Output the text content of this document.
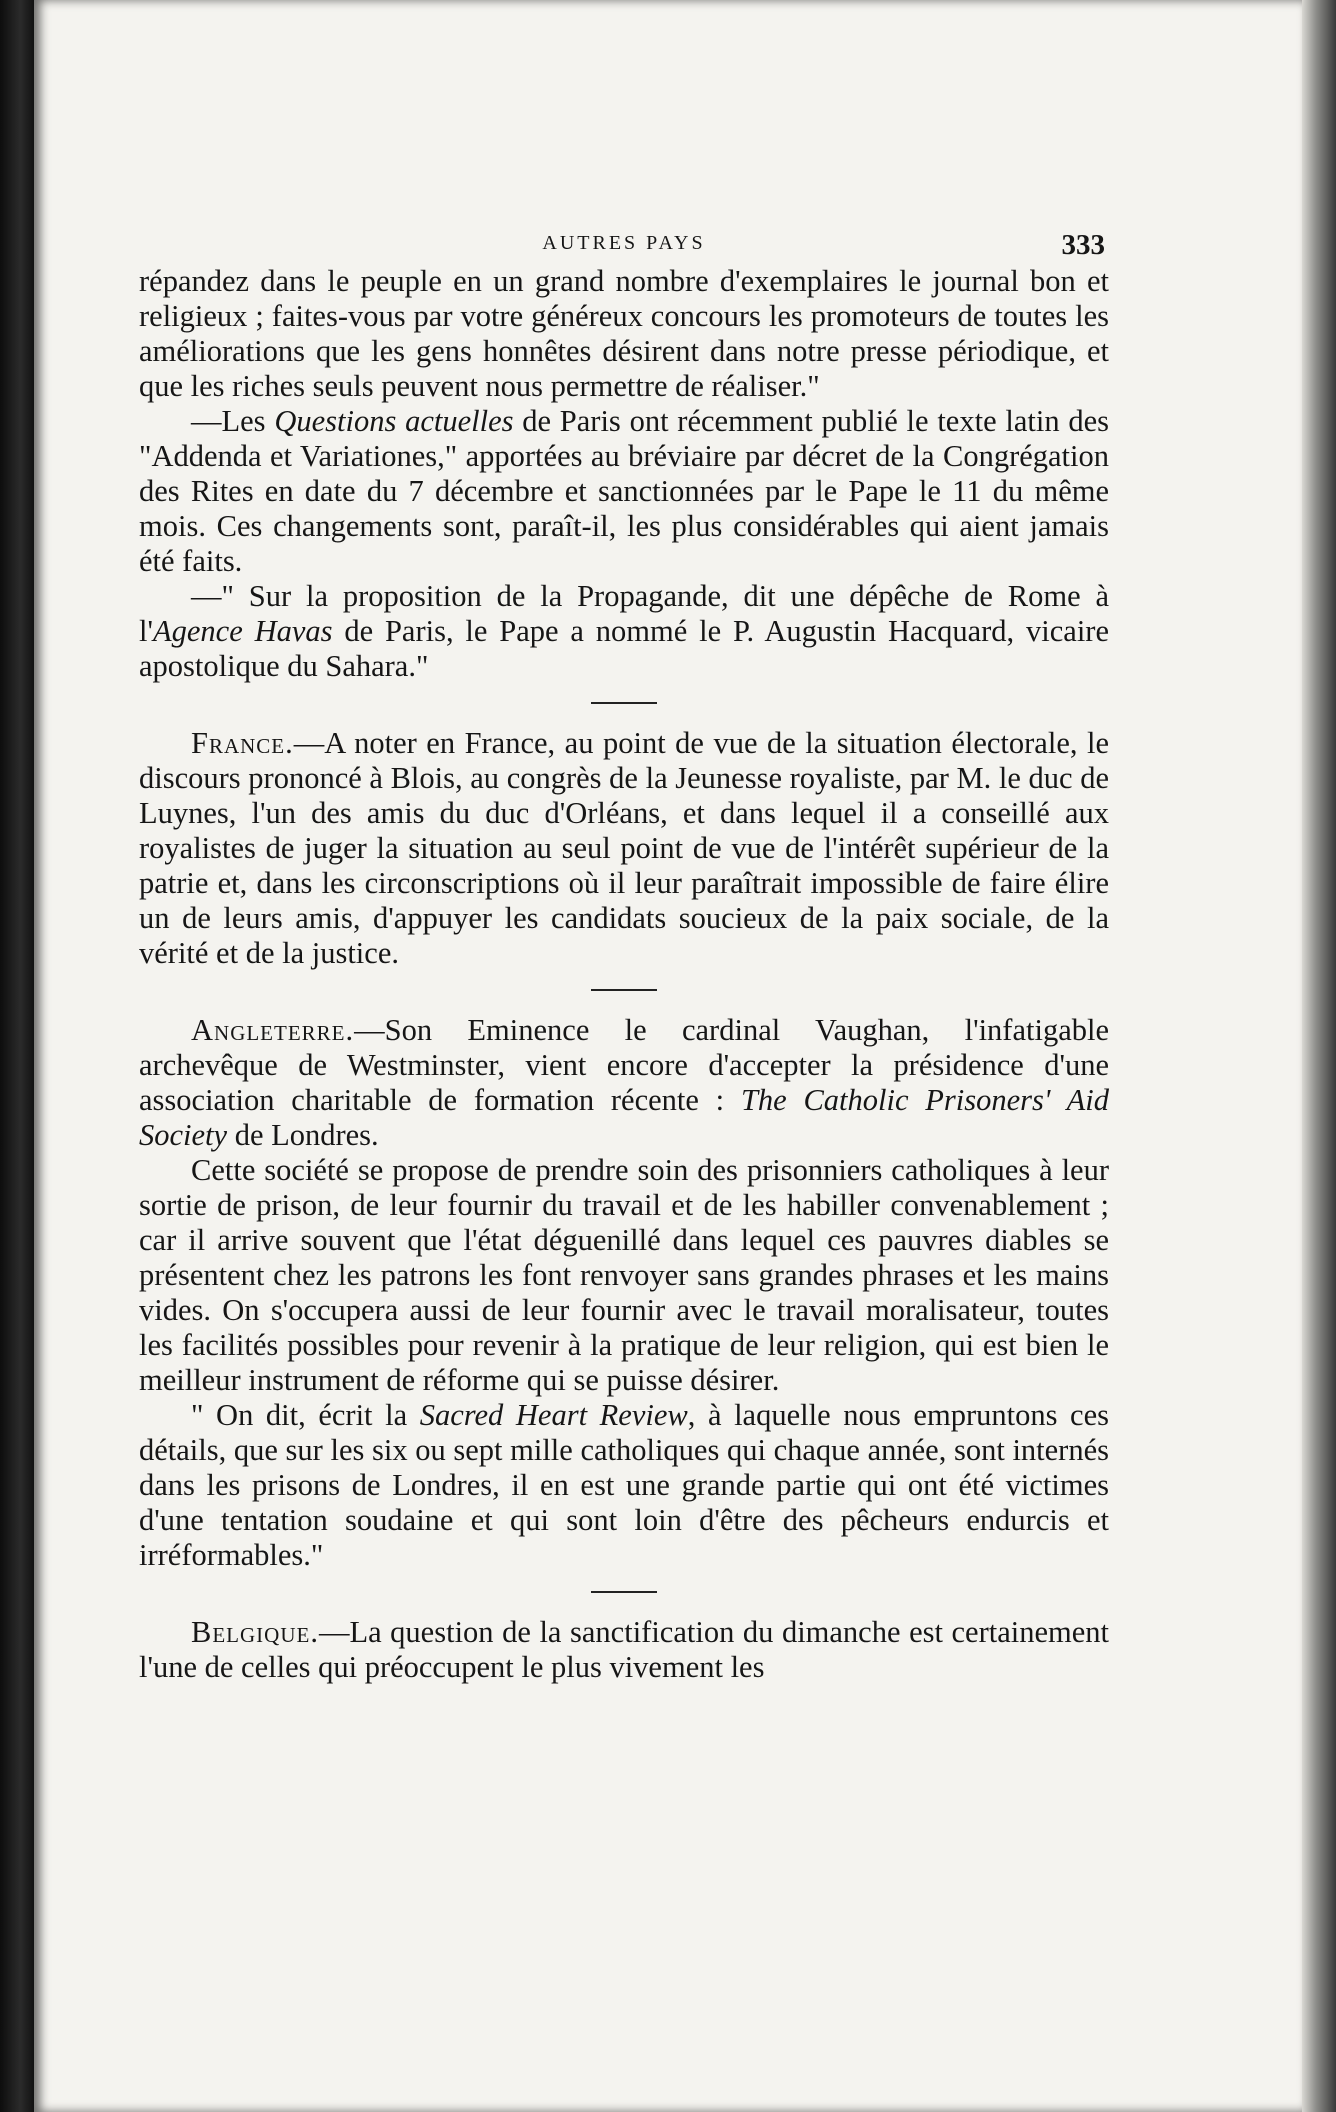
AUTRES PAYS	333

répandez dans le peuple en un grand nombre d'exemplaires le journal bon et religieux ; faites-vous par votre généreux concours les promoteurs de toutes les améliorations que les gens honnêtes désirent dans notre presse périodique, et que les riches seuls peuvent nous permettre de réaliser."

—Les Questions actuelles de Paris ont récemment publié le texte latin des "Addenda et Variationes," apportées au bréviaire par décret de la Congrégation des Rites en date du 7 décembre et sanctionnées par le Pape le 11 du même mois. Ces changements sont, paraît-il, les plus considérables qui aient jamais été faits.

—" Sur la proposition de la Propagande, dit une dépêche de Rome à l'Agence Havas de Paris, le Pape a nommé le P. Augustin Hacquard, vicaire apostolique du Sahara."

France.—A noter en France, au point de vue de la situation électorale, le discours prononcé à Blois, au congrès de la Jeunesse royaliste, par M. le duc de Luynes, l'un des amis du duc d'Orléans, et dans lequel il a conseillé aux royalistes de juger la situation au seul point de vue de l'intérêt supérieur de la patrie et, dans les circonscriptions où il leur paraîtrait impossible de faire élire un de leurs amis, d'appuyer les candidats soucieux de la paix sociale, de la vérité et de la justice.

Angleterre.—Son Eminence le cardinal Vaughan, l'infatigable archevêque de Westminster, vient encore d'accepter la présidence d'une association charitable de formation récente : The Catholic Prisoners' Aid Society de Londres.

Cette société se propose de prendre soin des prisonniers catholiques à leur sortie de prison, de leur fournir du travail et de les habiller convenablement ; car il arrive souvent que l'état déguenillé dans lequel ces pauvres diables se présentent chez les patrons les font renvoyer sans grandes phrases et les mains vides. On s'occupera aussi de leur fournir avec le travail moralisateur, toutes les facilités possibles pour revenir à la pratique de leur religion, qui est bien le meilleur instrument de réforme qui se puisse désirer.

" On dit, écrit la Sacred Heart Review, à laquelle nous empruntons ces détails, que sur les six ou sept mille catholiques qui chaque année, sont internés dans les prisons de Londres, il en est une grande partie qui ont été victimes d'une tentation soudaine et qui sont loin d'être des pêcheurs endurcis et irréformables."

Belgique.—La question de la sanctification du dimanche est certainement l'une de celles qui préoccupent le plus vivement les
